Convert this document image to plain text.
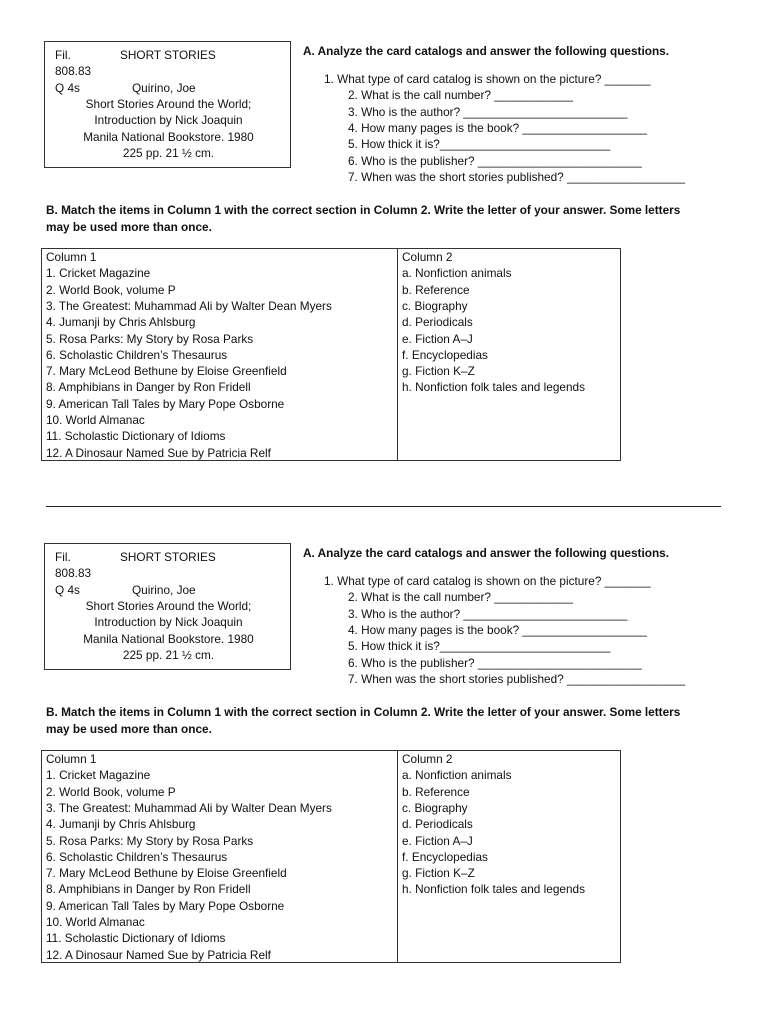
Fil.	SHORT STORIES
808.83
Q 4s	Quirino, Joe
Short Stories Around the World;
Introduction by Nick Joaquin
Manila National Bookstore. 1980
225 pp. 21 ½ cm.
A. Analyze the card catalogs and answer the following questions.
1. What type of card catalog is shown on the picture? _______
2. What is the call number? ____________
3. Who is the author? _________________________
4. How many pages is the book? ___________________
5. How thick it is?__________________________
6. Who is the publisher? _________________________
7. When was the short stories published? __________________
B. Match the items in Column 1 with the correct section in Column 2. Write the letter of your answer. Some letters
may be used more than once.
Column 1	Column 2
1. Cricket Magazine
2. World Book, volume P
3. The Greatest: Muhammad Ali by Walter Dean Myers
4. Jumanji by Chris Ahlsburg
5. Rosa Parks: My Story by Rosa Parks
6. Scholastic Children’s Thesaurus
7. Mary McLeod Bethune by Eloise Greenfield
8. Amphibians in Danger by Ron Fridell
9. American Tall Tales by Mary Pope Osborne
10. World Almanac
11. Scholastic Dictionary of Idioms
12. A Dinosaur Named Sue by Patricia Relf
a. Nonfiction animals
b. Reference
c. Biography
d. Periodicals
e. Fiction A–J
f. Encyclopedias
g. Fiction K–Z
h. Nonfiction folk tales and legends
Fil.	SHORT STORIES
808.83
Q 4s	Quirino, Joe
Short Stories Around the World;
Introduction by Nick Joaquin
Manila National Bookstore. 1980
225 pp. 21 ½ cm.
A. Analyze the card catalogs and answer the following questions.
1. What type of card catalog is shown on the picture? _______
2. What is the call number? ____________
3. Who is the author? _________________________
4. How many pages is the book? ___________________
5. How thick it is?__________________________
6. Who is the publisher? _________________________
7. When was the short stories published? __________________
B. Match the items in Column 1 with the correct section in Column 2. Write the letter of your answer. Some letters
may be used more than once.
Column 1	Column 2
1. Cricket Magazine
2. World Book, volume P
3. The Greatest: Muhammad Ali by Walter Dean Myers
4. Jumanji by Chris Ahlsburg
5. Rosa Parks: My Story by Rosa Parks
6. Scholastic Children’s Thesaurus
7. Mary McLeod Bethune by Eloise Greenfield
8. Amphibians in Danger by Ron Fridell
9. American Tall Tales by Mary Pope Osborne
10. World Almanac
11. Scholastic Dictionary of Idioms
12. A Dinosaur Named Sue by Patricia Relf
a. Nonfiction animals
b. Reference
c. Biography
d. Periodicals
e. Fiction A–J
f. Encyclopedias
g. Fiction K–Z
h. Nonfiction folk tales and legends
